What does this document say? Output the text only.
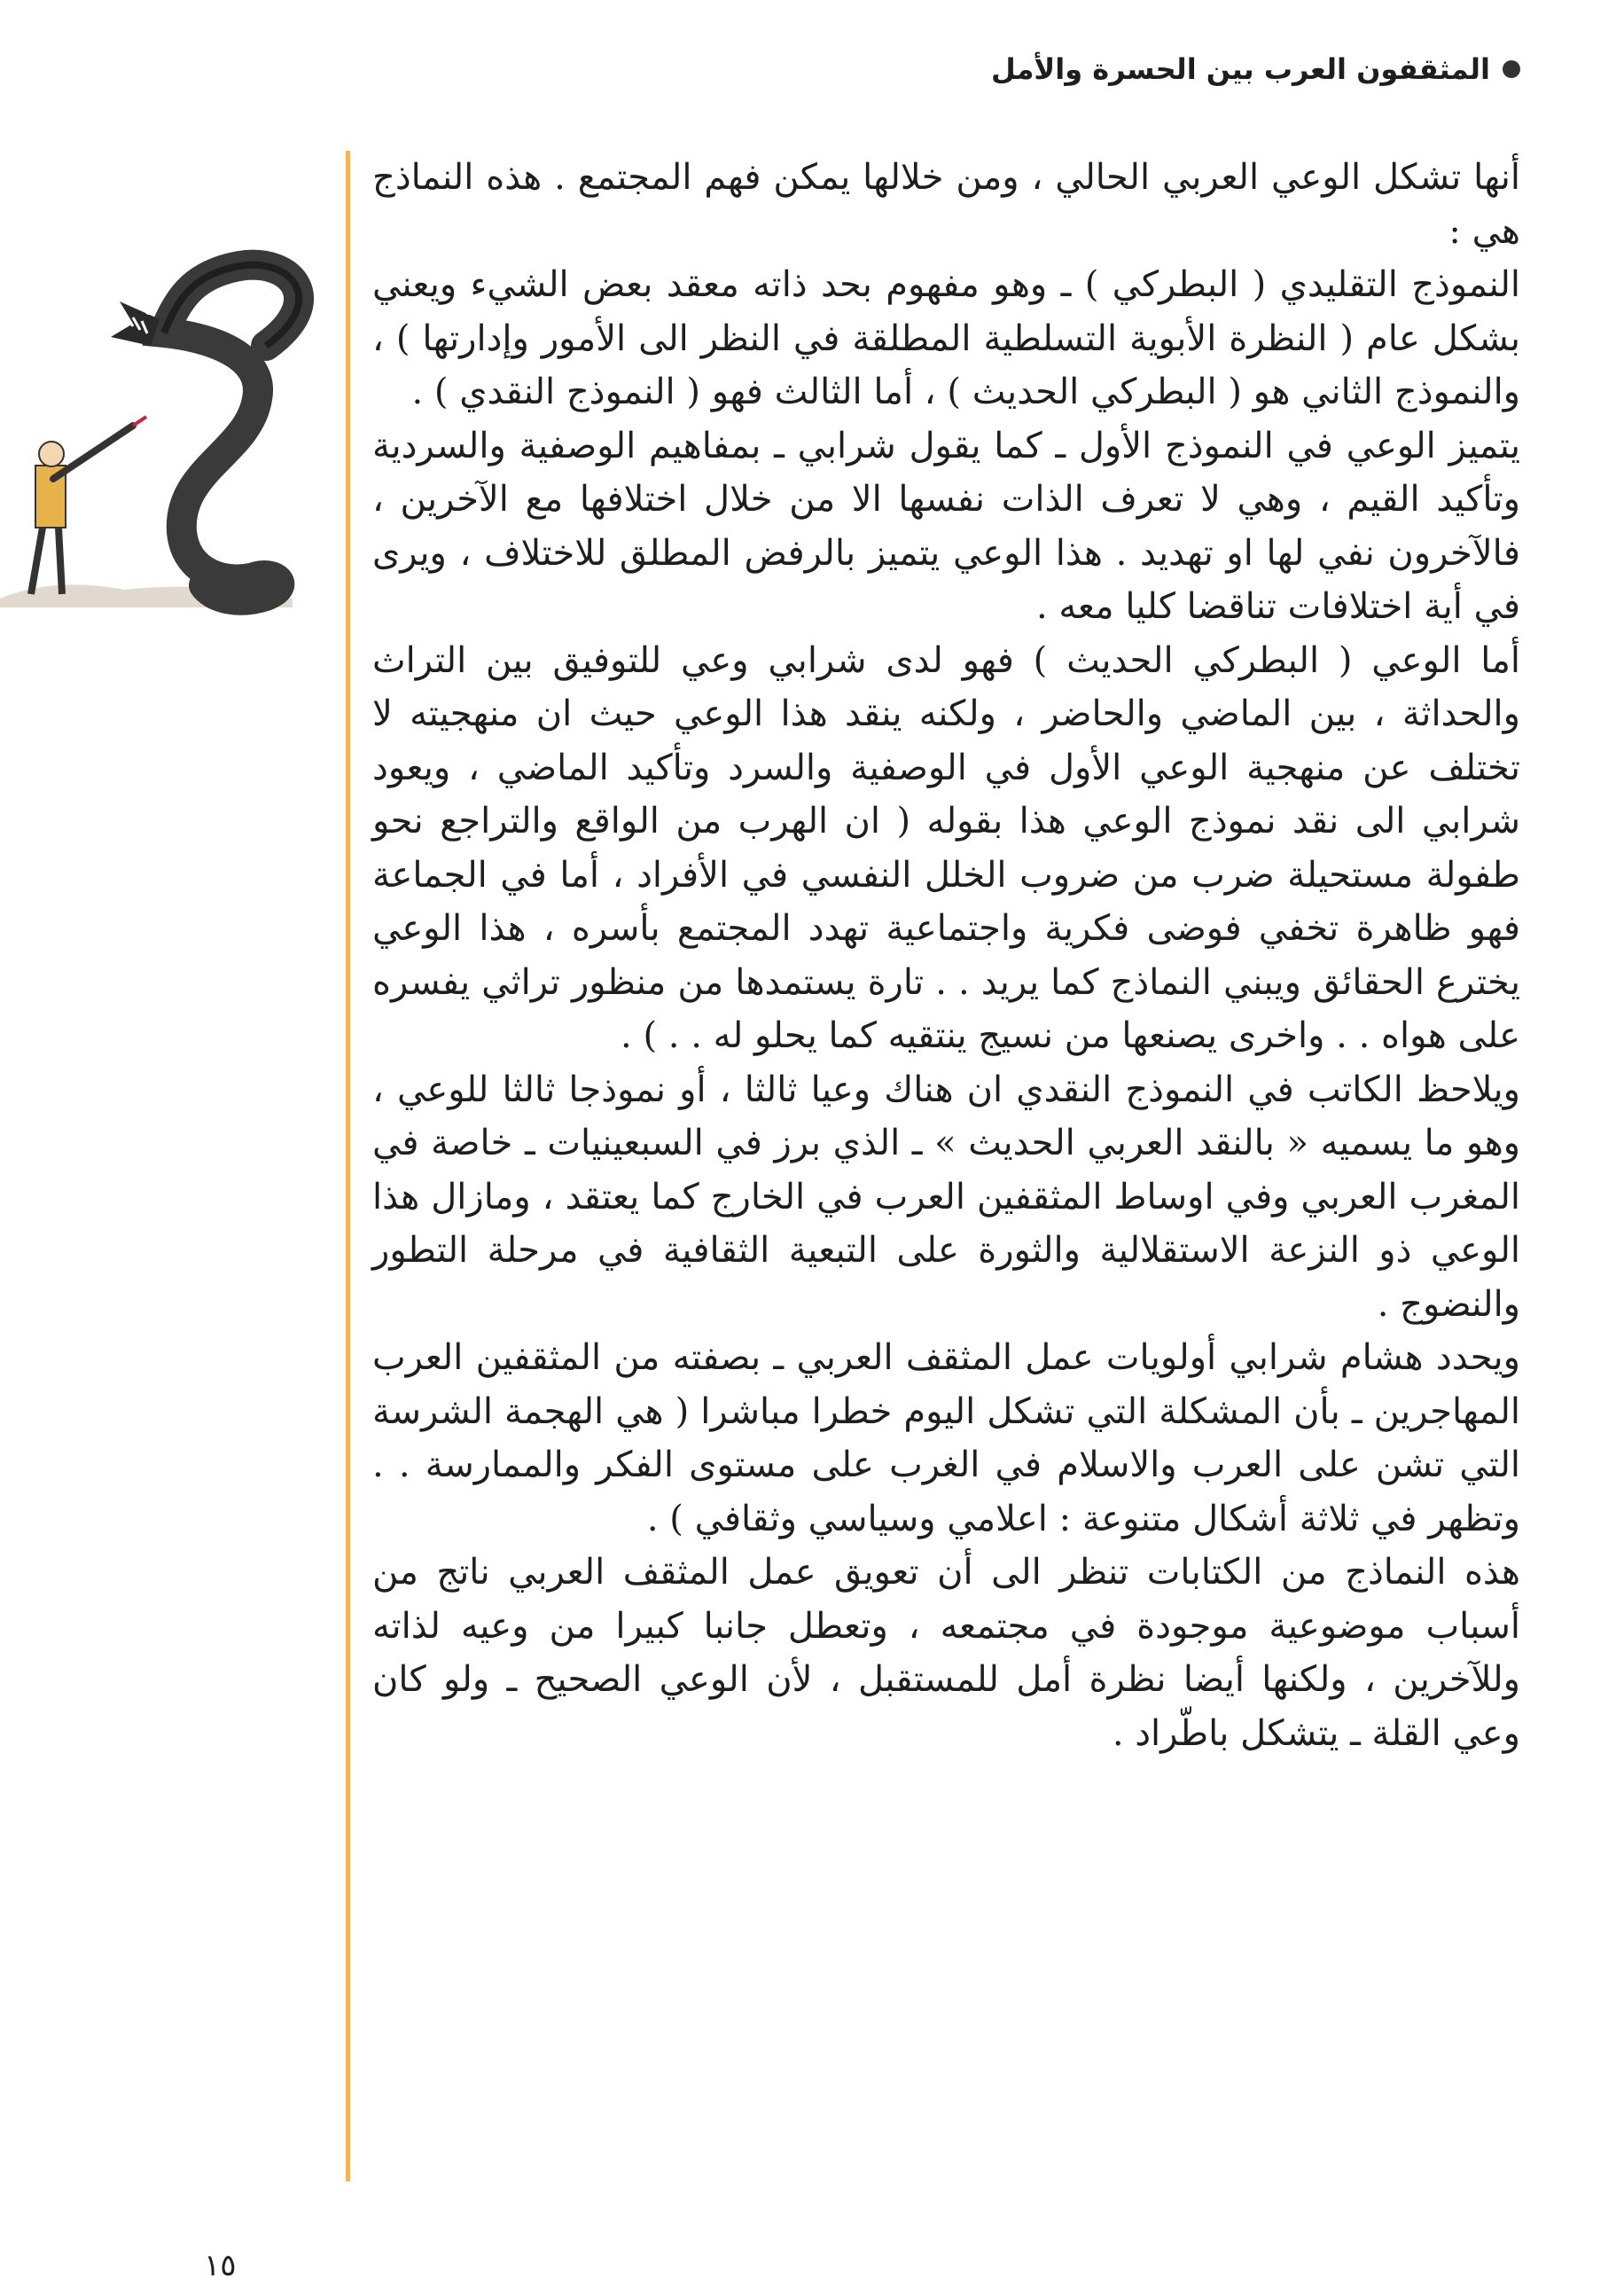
المثقفون العرب بين الحسرة والأمل

أنها تشكل الوعي العربي الحالي ، ومن خلالها يمكن فهم المجتمع . هذه النماذج هي :

النموذج التقليدي ( البطركي ) ـ وهو مفهوم بحد ذاته معقد بعض الشيء ويعني بشكل عام ( النظرة الأبوية التسلطية المطلقة في النظر الى الأمور وإدارتها ) ، والنموذج الثاني هو ( البطركي الحديث ) ، أما الثالث فهو ( النموذج النقدي ) .

يتميز الوعي في النموذج الأول ـ كما يقول شرابي ـ بمفاهيم الوصفية والسردية وتأكيد القيم ، وهي لا تعرف الذات نفسها الا من خلال اختلافها مع الآخرين ، فالآخرون نفي لها او تهديد . هذا الوعي يتميز بالرفض المطلق للاختلاف ، ويرى في أية اختلافات تناقضا كليا معه .

أما الوعي ( البطركي الحديث ) فهو لدى شرابي وعي للتوفيق بين التراث والحداثة ، بين الماضي والحاضر ، ولكنه ينقد هذا الوعي حيث ان منهجيته لا تختلف عن منهجية الوعي الأول في الوصفية والسرد وتأكيد الماضي ، ويعود شرابي الى نقد نموذج الوعي هذا بقوله ( ان الهرب من الواقع والتراجع نحو طفولة مستحيلة ضرب من ضروب الخلل النفسي في الأفراد ، أما في الجماعة فهو ظاهرة تخفي فوضى فكرية واجتماعية تهدد المجتمع بأسره ، هذا الوعي يخترع الحقائق ويبني النماذج كما يريد . . تارة يستمدها من منظور تراثي يفسره على هواه . . واخرى يصنعها من نسيج ينتقيه كما يحلو له . . ) .

ويلاحظ الكاتب في النموذج النقدي ان هناك وعيا ثالثا ، أو نموذجا ثالثا للوعي ، وهو ما يسميه « بالنقد العربي الحديث » ـ الذي برز في السبعينيات ـ خاصة في المغرب العربي وفي اوساط المثقفين العرب في الخارج كما يعتقد ، ومازال هذا الوعي ذو النزعة الاستقلالية والثورة على التبعية الثقافية في مرحلة التطور والنضوج .

ويحدد هشام شرابي أولويات عمل المثقف العربي ـ بصفته من المثقفين العرب المهاجرين ـ بأن المشكلة التي تشكل اليوم خطرا مباشرا ( هي الهجمة الشرسة التي تشن على العرب والاسلام في الغرب على مستوى الفكر والممارسة . . وتظهر في ثلاثة أشكال متنوعة : اعلامي وسياسي وثقافي ) .

هذه النماذج من الكتابات تنظر الى أن تعويق عمل المثقف العربي ناتج من أسباب موضوعية موجودة في مجتمعه ، وتعطل جانبا كبيرا من وعيه لذاته وللآخرين ، ولكنها أيضا نظرة أمل للمستقبل ، لأن الوعي الصحيح ـ ولو كان وعي القلة ـ يتشكل باطّراد .

١٥
